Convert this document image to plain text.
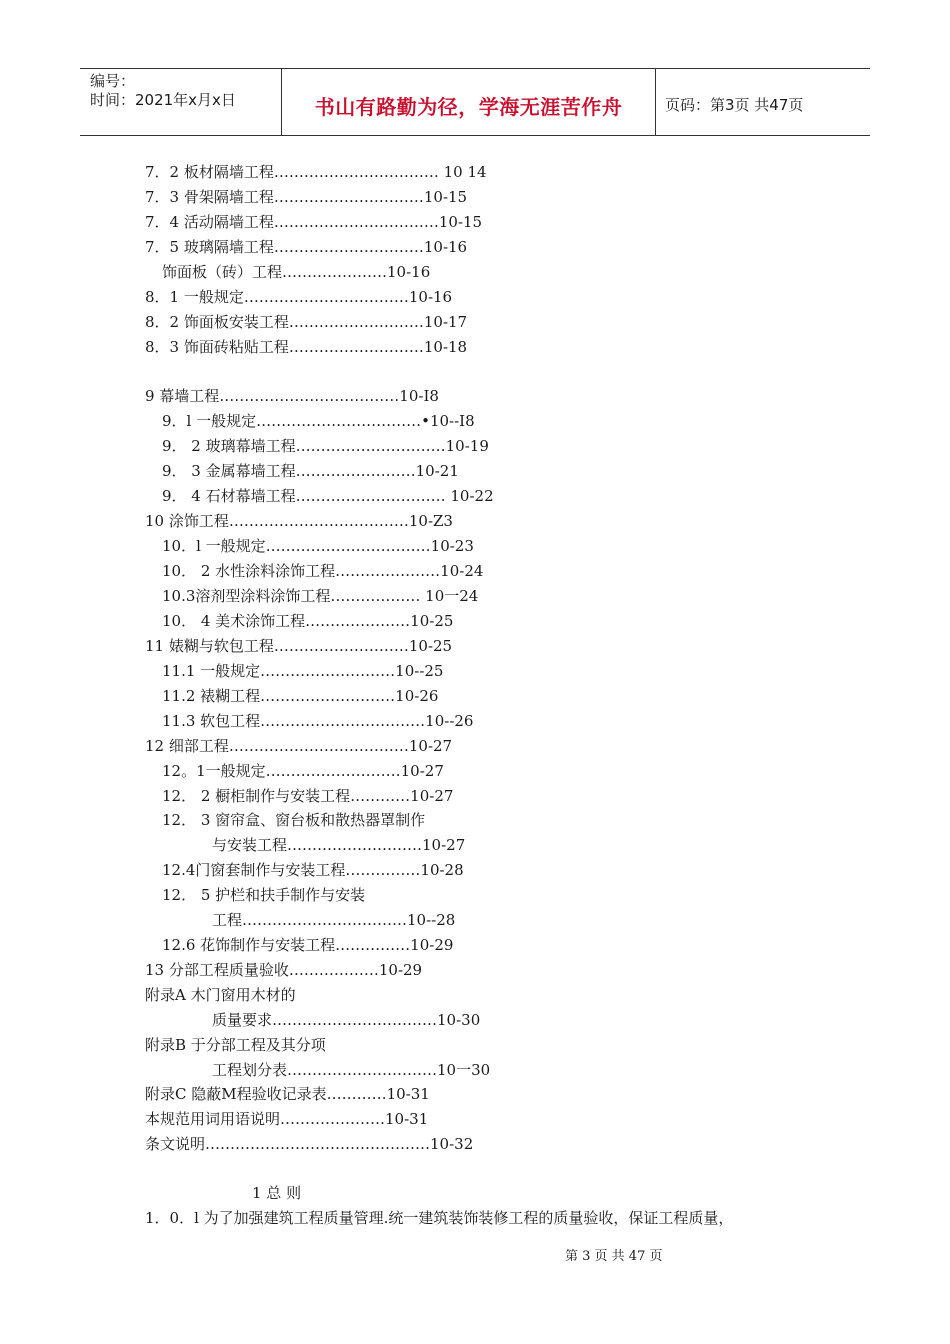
编号：
时间：2021年x月x日	书山有路勤为径，学海无涯苦作舟	页码：第3页 共47页
7．2 板材隔墙工程…………………………… 10 14
7．3 骨架隔墙工程…………………………10-15
7．4 活动隔墙工程……………………………10-15
7．5 玻璃隔墙工程…………………………10-16
饰面板（砖）工程…………………10-16
8．1 一般规定……………………………10-16
8．2 饰面板安装工程………………………10-17
8．3 饰面砖粘贴工程………………………10-18
9 幕墙工程………………………………10-I8
9．l 一般规定……………………………•10--I8
9． 2 玻璃幕墙工程…………………………10-19
9． 3 金属幕墙工程……………………10-21
9． 4 石材幕墙工程………………………… 10-22
10 涂饰工程………………………………10-Z3
10．l 一般规定……………………………10-23
10． 2 水性涂料涂饰工程…………………10-24
10.3溶剂型涂料涂饰工程……………… 10一24
10． 4 美术涂饰工程…………………10-25
11 婊糊与软包工程………………………10-25
11.1 一般规定………………………10--25
11.2 裱糊工程………………………10-26
11.3 软包工程……………………………10--26
12 细部工程………………………………10-27
12。1一般规定………………………10-27
12． 2 橱柜制作与安装工程…………10-27
12． 3 窗帘盒、窗台板和散热器罩制作
与安装工程………………………10-27
12.4门窗套制作与安装工程……………10-28
12． 5 护栏和扶手制作与安装
工程……………………………10--28
12.6 花饰制作与安装工程……………10-29
13 分部工程质量验收………………10-29
附录A 木门窗用木材的
质量要求……………………………10-30
附录B 于分部工程及其分项
工程划分表…………………………10一30
附录C 隐蔽M程验收记录表…………10-31
本规范用词用语说明…………………10-31
条文说明………………………………………10-32
1 总 则
1．0．l 为了加强建筑工程质量管理.统一建筑装饰装修工程的质量验收，保证工程质量，
第 3 页 共 47 页
